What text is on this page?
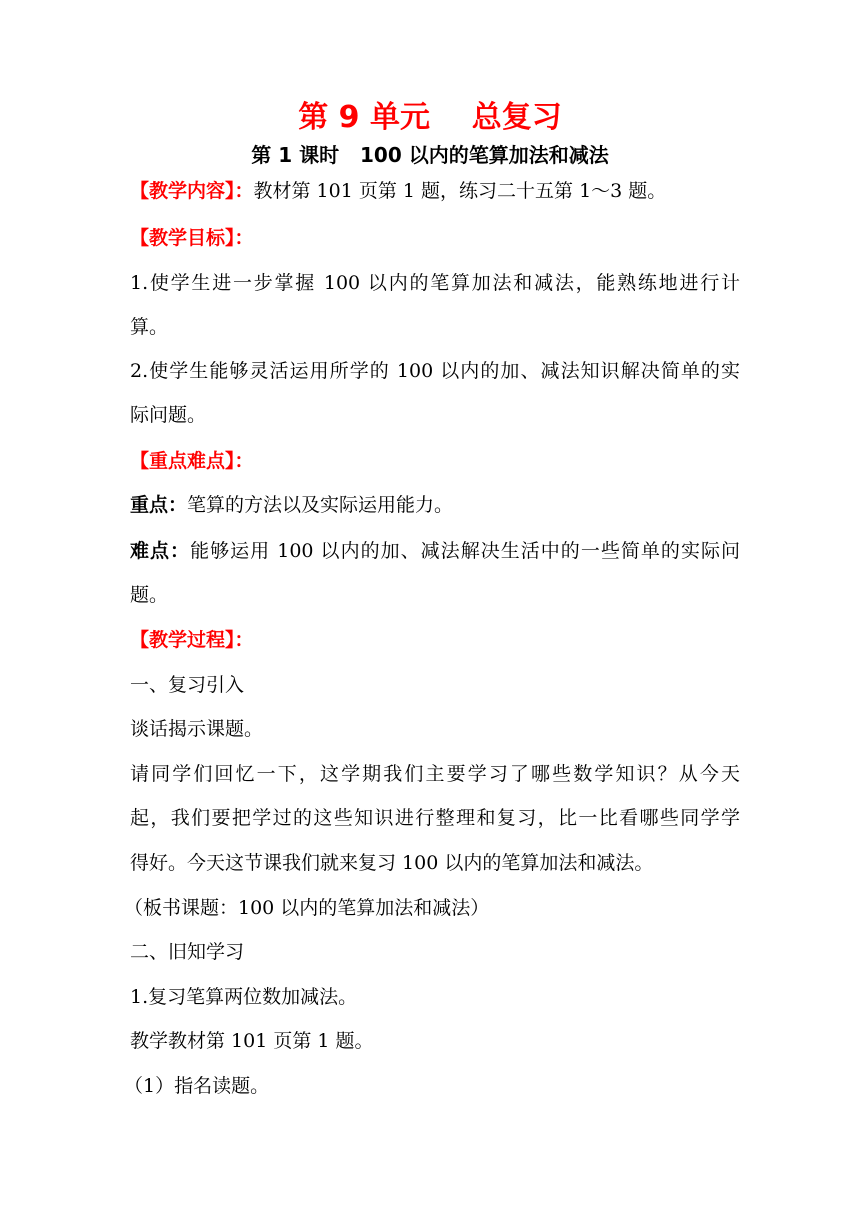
第 9 单元    总复习
第 1 课时   100 以内的笔算加法和减法
【教学内容】：教材第 101 页第 1 题，练习二十五第 1～3 题。
【教学目标】：
1.使学生进一步掌握 100 以内的笔算加法和减法，能熟练地进行计
算。
2.使学生能够灵活运用所学的 100 以内的加、减法知识解决简单的实
际问题。
【重点难点】：
重点：笔算的方法以及实际运用能力。
难点：能够运用 100 以内的加、减法解决生活中的一些简单的实际问
题。
【教学过程】：
一、复习引入
谈话揭示课题。
请同学们回忆一下，这学期我们主要学习了哪些数学知识？从今天
起，我们要把学过的这些知识进行整理和复习，比一比看哪些同学学
得好。今天这节课我们就来复习 100 以内的笔算加法和减法。
（板书课题：100 以内的笔算加法和减法）
二、旧知学习
1.复习笔算两位数加减法。
教学教材第 101 页第 1 题。
（1）指名读题。
